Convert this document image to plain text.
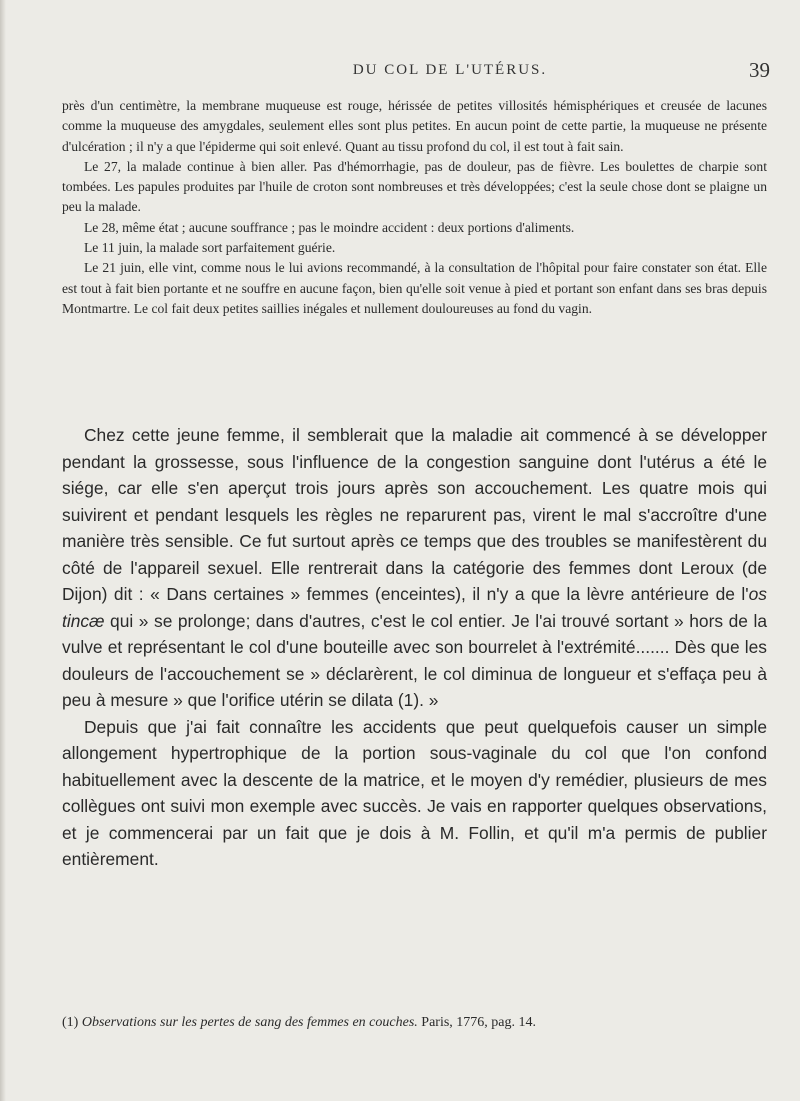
DU COL DE L'UTÉRUS.	39

près d'un centimètre, la membrane muqueuse est rouge, hérissée de petites villosités hémisphériques et creusée de lacunes comme la muqueuse des amygdales, seulement elles sont plus petites. En aucun point de cette partie, la muqueuse ne présente d'ulcération ; il n'y a que l'épiderme qui soit enlevé. Quant au tissu profond du col, il est tout à fait sain.

Le 27, la malade continue à bien aller. Pas d'hémorrhagie, pas de douleur, pas de fièvre. Les boulettes de charpie sont tombées. Les papules produites par l'huile de croton sont nombreuses et très développées; c'est la seule chose dont se plaigne un peu la malade.

Le 28, même état ; aucune souffrance ; pas le moindre accident : deux portions d'aliments.

Le 11 juin, la malade sort parfaitement guérie.

Le 21 juin, elle vint, comme nous le lui avions recommandé, à la consultation de l'hôpital pour faire constater son état. Elle est tout à fait bien portante et ne souffre en aucune façon, bien qu'elle soit venue à pied et portant son enfant dans ses bras depuis Montmartre. Le col fait deux petites saillies inégales et nullement douloureuses au fond du vagin.

Chez cette jeune femme, il semblerait que la maladie ait commencé à se développer pendant la grossesse, sous l'influence de la congestion sanguine dont l'utérus a été le siége, car elle s'en aperçut trois jours après son accouchement. Les quatre mois qui suivirent et pendant lesquels les règles ne reparurent pas, virent le mal s'accroître d'une manière très sensible. Ce fut surtout après ce temps que des troubles se manifestèrent du côté de l'appareil sexuel. Elle rentrerait dans la catégorie des femmes dont Leroux (de Dijon) dit : « Dans certaines » femmes (enceintes), il n'y a que la lèvre antérieure de l'os tincæ qui » se prolonge; dans d'autres, c'est le col entier. Je l'ai trouvé sortant » hors de la vulve et représentant le col d'une bouteille avec son bourrelet à l'extrémité....... Dès que les douleurs de l'accouchement se » déclarèrent, le col diminua de longueur et s'effaça peu à peu à mesure » que l'orifice utérin se dilata (1). »

Depuis que j'ai fait connaître les accidents que peut quelquefois causer un simple allongement hypertrophique de la portion sous-vaginale du col que l'on confond habituellement avec la descente de la matrice, et le moyen d'y remédier, plusieurs de mes collègues ont suivi mon exemple avec succès. Je vais en rapporter quelques observations, et je commencerai par un fait que je dois à M. Follin, et qu'il m'a permis de publier entièrement.

(1) Observations sur les pertes de sang des femmes en couches. Paris, 1776, pag. 14.
